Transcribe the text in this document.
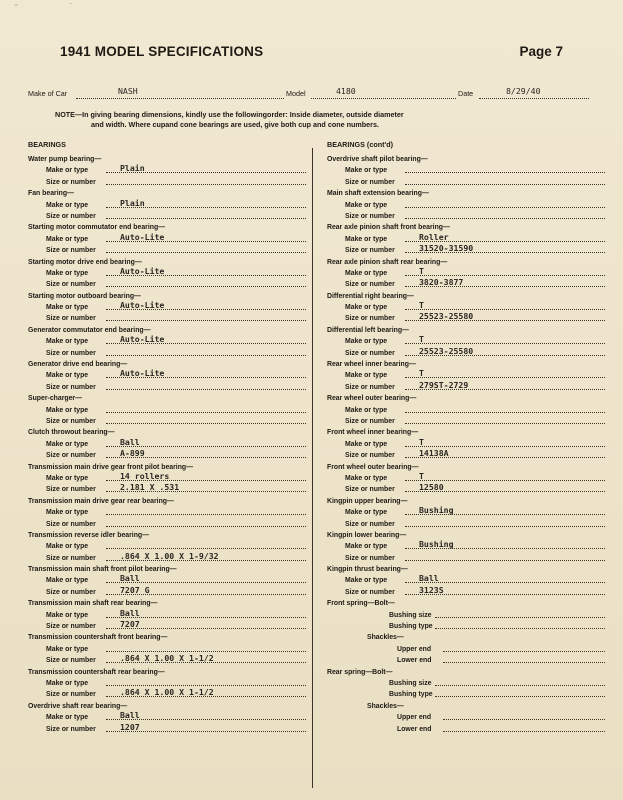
⁻	˙
1941 MODEL SPECIFICATIONS	Page 7
Make of Car	NASH	Model	4180	Date	8/29/40
NOTE—In giving bearing dimensions, kindly use the followingorder: Inside diameter, outside diameter
and width. Where cupand cone bearings are used, give both cup and cone numbers.
BEARINGS
Water pump bearing—
Make or type	Plain
Size or number
Fan bearing—
Make or type	Plain
Size or number
Starting motor commutator end bearing—
Make or type	Auto-Lite
Size or number
Starting motor drive end bearing—
Make or type	Auto-Lite
Size or number
Starting motor outboard bearing—
Make or type	Auto-Lite
Size or number
Generator commutator end bearing—
Make or type	Auto-Lite
Size or number
Generator drive end bearing—
Make or type	Auto-Lite
Size or number
Super-charger—
Make or type
Size or number
Clutch throwout bearing—
Make or type	Ball
Size or number	A-899
Transmission main drive gear front pilot bearing—
Make or type	14 rollers
Size or number	2.181 X .531
Transmission main drive gear rear bearing—
Make or type
Size or number
Transmission reverse idler bearing—
Make or type
Size or number	.864 X 1.00 X 1-9/32
Transmission main shaft front pilot bearing—
Make or type	Ball
Size or number	7207 G
Transmission main shaft rear bearing—
Make or type	Ball
Size or number	7207
Transmission countershaft front bearing—
Make or type
Size or number	.864 X 1.00 X 1-1/2
Transmission countershaft rear bearing—
Make or type
Size or number	.864 X 1.00 X 1-1/2
Overdrive shaft rear bearing—
Make or type	Ball
Size or number	1207
BEARINGS (cont'd)
Overdrive shaft pilot bearing—
Make or type
Size or number
Main shaft extension bearing—
Make or type
Size or number
Rear axle pinion shaft front bearing—
Make or type	Roller
Size or number	31520-31590
Rear axle pinion shaft rear bearing—
Make or type	T
Size or number	3820-3877
Differential right bearing—
Make or type	T
Size or number	25523-25580
Differential left bearing—
Make or type	T
Size or number	25523-25580
Rear wheel inner bearing—
Make or type	T
Size or number	279ST-2729
Rear wheel outer bearing—
Make or type
Size or number
Front wheel inner bearing—
Make or type	T
Size or number	14138A
Front wheel outer bearing—
Make or type	T
Size or number	12580
Kingpin upper bearing—
Make or type	Bushing
Size or number
Kingpin lower bearing—
Make or type	Bushing
Size or number
Kingpin thrust bearing—
Make or type	Ball
Size or number	3123S
Front spring—Bolt—
Bushing size
Bushing type
Shackles—
Upper end
Lower end
Rear spring—Bolt—
Bushing size
Bushing type
Shackles—
Upper end
Lower end
